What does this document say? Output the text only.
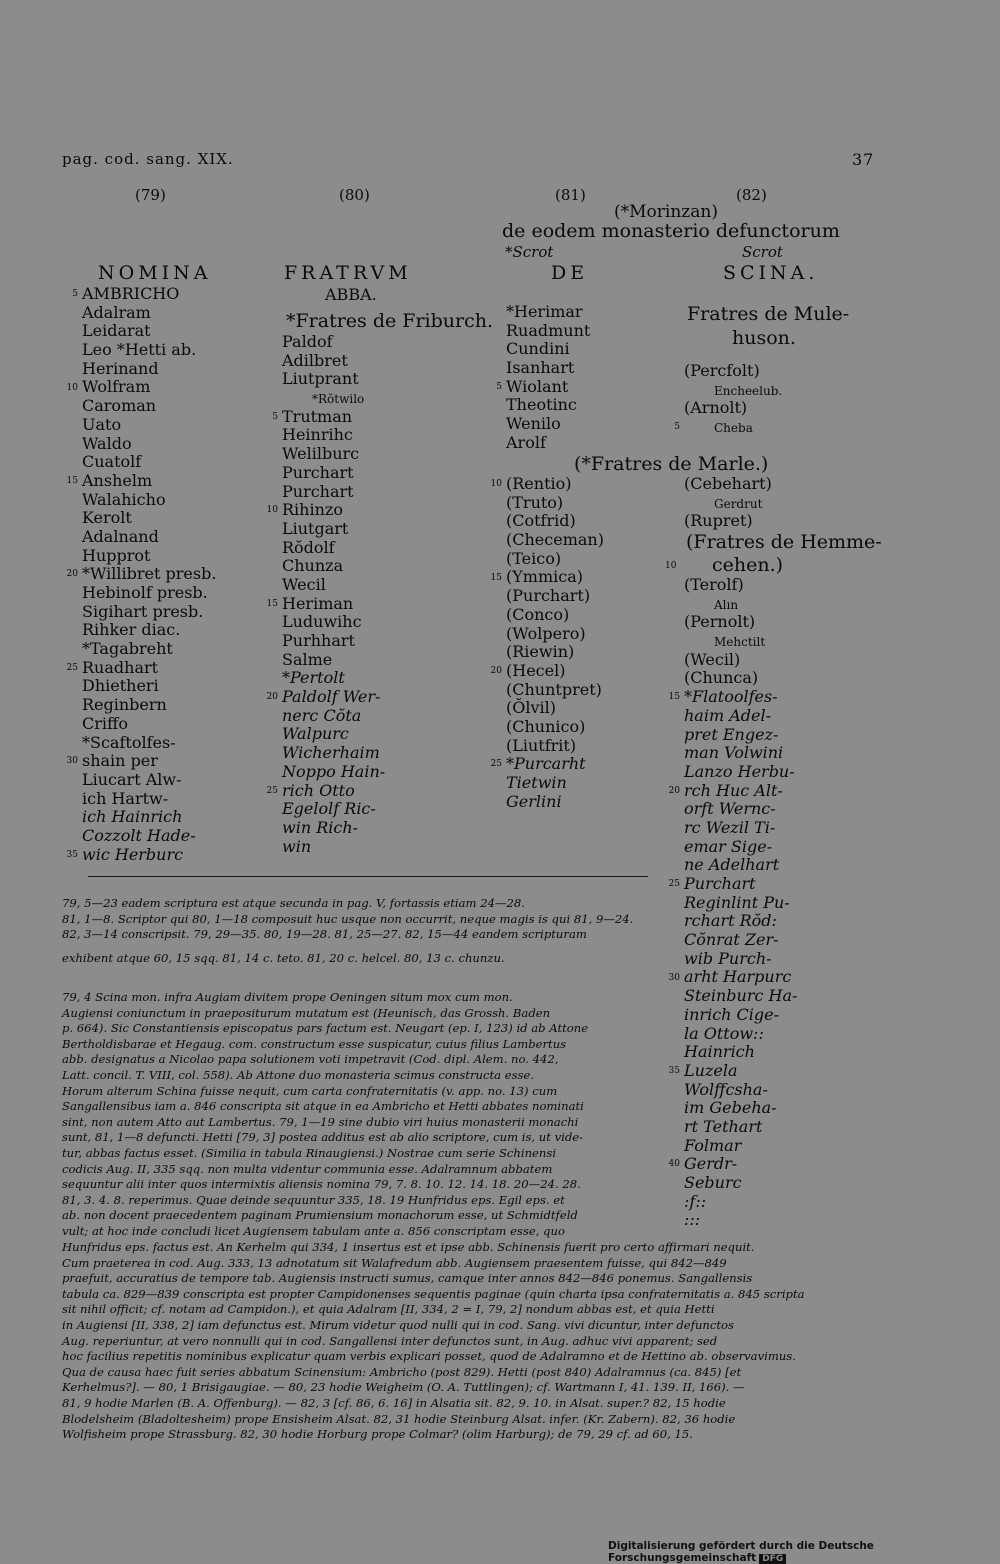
pag. cod. sang. XIX.	37
(79)	(80)	(81)	(82)
(*Morinzan)
de eodem monasterio defunctorum
*Scrot	Scrot
NOMINA	FRATRVM	DE	SCINA.
5 AMBRICHO
Adalram
Leidarat
Leo *Hetti ab.
Herinand
10 Wolfram
Caroman
Uato
Waldo
Cuatolf
15 Anshelm
Walahicho
Kerolt
Adalnand
Hupprot
20 *Willibret presb.
Hebinolf presb.
Sigihart presb.
Rihker diac.
*Tagabreht
25 Ruadhart
Dhietheri
Reginbern
Criffo
*Scaftolfes-
30 shain per
Liucart Alw-
ich Hartw-
ich Hainrich
Cozzolt Hade-
35 wic Herburc
ABBA.
*Fratres de Friburch.
Paldof
Adilbret
Liutprant
*Rŏtwilo
5 Trutman
Heinrihc
Welilburc
Purchart
Purchart
10 Rihinzo
Liutgart
Rŏdolf
Chunza
Wecil
15 Heriman
Luduwihc
Purhhart
Salme
*Pertolt
20 Paldolf Wer-
nerc Cŏta
Walpurc
Wicherhaim
Noppo Hain-
25 rich Otto
Egelolf Ric-
win Rich-
win
*Herimar
Ruadmunt
Cundini
Isanhart
5 Wiolant
Theotinc
Wenilo
Arolf
(*Fratres de Marle.)
10 (Rentio)
(Truto)
(Cotfrid)
(Checeman)
(Teico)
15 (Ymmica)
(Purchart)
(Conco)
(Wolpero)
(Riewin)
20 (Hecel)
(Chuntpret)
(Ŏlvil)
(Chunico)
(Liutfrit)
25 *Purcarht
Tietwin
Gerlini
Fratres de Mule-
huson.
(Percfolt)
Encheelub.
(Arnolt)
5	Cheba
(Cebehart)
Gerdrut
(Rupret)
(Fratres de Hemme-
10 cehen.)
(Terolf)
Alın
(Pernolt)
Mehctilt
(Wecil)
(Chunca)
15 *Flatoolfes-
haim Adel-
pret Engez-
man Volwini
Lanzo Herbu-
20 rch Huc Alt-
orft Wernc-
rc Wezil Ti-
emar Sige-
ne Adelhart
25 Purchart
Reginlint Pu-
rchart Rŏd:
Cŏnrat Zer-
wib Purch-
30 arht Harpurc
Steinburc Ha-
inrich Cige-
la Ottow::
Hainrich
35 Luzela
Wolffcsha-
im Gebeha-
rt Tethart
Folmar
40 Gerdr-
Seburc
:f::
:::
79, 5—23 eadem scriptura est atque secunda in pag. V, fortassis etiam 24—28.
81, 1—8. Scriptor qui 80, 1—18 composuit huc usque non occurrit, neque magis is qui 81, 9—24.
82, 3—14 conscripsit. 79, 29—35. 80, 19—28. 81, 25—27. 82, 15—44 eandem scripturam
exhibent atque 60, 15 sqq. 81, 14 c. teto. 81, 20 c. helcel. 80, 13 c. chunzu.
79, 4 Scina mon. infra Augiam divitem prope Oeningen situm mox cum mon.
Augiensi coniunctum in praepositurum mutatum est (Heunisch, das Grossh. Baden
p. 664). Sic Constantiensis episcopatus pars factum est. Neugart (ep. I, 123) id ab Attone
Bertholdisbarae et Hegaug. com. constructum esse suspicatur, cuius filius Lambertus
abb. designatus a Nicolao papa solutionem voti impetravit (Cod. dipl. Alem. no. 442,
Latt. concil. T. VIII, col. 558). Ab Attone duo monasteria scimus constructa esse.
Horum alterum Schina fuisse nequit, cum carta confraternitatis (v. app. no. 13) cum
Sangallensibus iam a. 846 conscripta sit atque in ea Ambricho et Hetti abbates nominati
sint, non autem Atto aut Lambertus. 79, 1—19 sine dubio viri huius monasterii monachi
sunt, 81, 1—8 defuncti. Hetti [79, 3] postea additus est ab alio scriptore, cum is, ut vide-
tur, abbas factus esset. (Similia in tabula Rinaugiensi.) Nostrae cum serie Schinensi
codicis Aug. II, 335 sqq. non multa videntur communia esse. Adalramnum abbatem
sequuntur alii inter quos intermixtis aliensis nomina 79, 7. 8. 10. 12. 14. 18. 20—24. 28.
81, 3. 4. 8. reperimus. Quae deinde sequuntur 335, 18. 19 Hunfridus eps. Egil eps. et
ab. non docent praecedentem paginam Prumiensium monachorum esse, ut Schmidtfeld
vult; at hoc inde concludi licet Augiensem tabulam ante a. 856 conscriptam esse, quo
Hunfridus eps. factus est. An Kerhelm qui 334, 1 insertus est et ipse abb. Schinensis fuerit pro certo affirmari nequit.
Cum praeterea in cod. Aug. 333, 13 adnotatum sit Walafredum abb. Augiensem praesentem fuisse, qui 842—849
praefuit, accuratius de tempore tab. Augiensis instructi sumus, camque inter annos 842—846 ponemus. Sangallensis
tabula ca. 829—839 conscripta est propter Campidonenses sequentis paginae (quin charta ipsa confraternitatis a. 845 scripta
sit nihil officit; cf. notam ad Campidon.), et quia Adalram [II, 334, 2 = I, 79, 2] nondum abbas est, et quia Hetti
in Augiensi [II, 338, 2] iam defunctus est. Mirum videtur quod nulli qui in cod. Sang. vivi dicuntur, inter defunctos
Aug. reperiuntur, at vero nonnulli qui in cod. Sangallensi inter defunctos sunt, in Aug. adhuc vivi apparent; sed
hoc facilius repetitis nominibus explicatur quam verbis explicari posset, quod de Adalramno et de Hettino ab. observavimus.
Qua de causa haec fuit series abbatum Scinensium: Ambricho (post 829). Hetti (post 840) Adalramnus (ca. 845) [et
Kerhelmus?]. — 80, 1 Brisigaugiae. — 80, 23 hodie Weigheim (O. A. Tuttlingen); cf. Wartmann I, 41. 139. II, 166). —
81, 9 hodie Marlen (B. A. Offenburg). — 82, 3 [cf. 86, 6. 16] in Alsatia sit. 82, 9. 10. in Alsat. super.? 82, 15 hodie
Blodelsheim (Bladoltesheim) prope Ensisheim Alsat. 82, 31 hodie Steinburg Alsat. infer. (Kr. Zabern). 82, 36 hodie
Wolfisheim prope Strassburg. 82, 30 hodie Horburg prope Colmar? (olim Harburg); de 79, 29 cf. ad 60, 15.
Digitalisierung gefördert durch die Deutsche Forschungsgemeinschaft DFG
